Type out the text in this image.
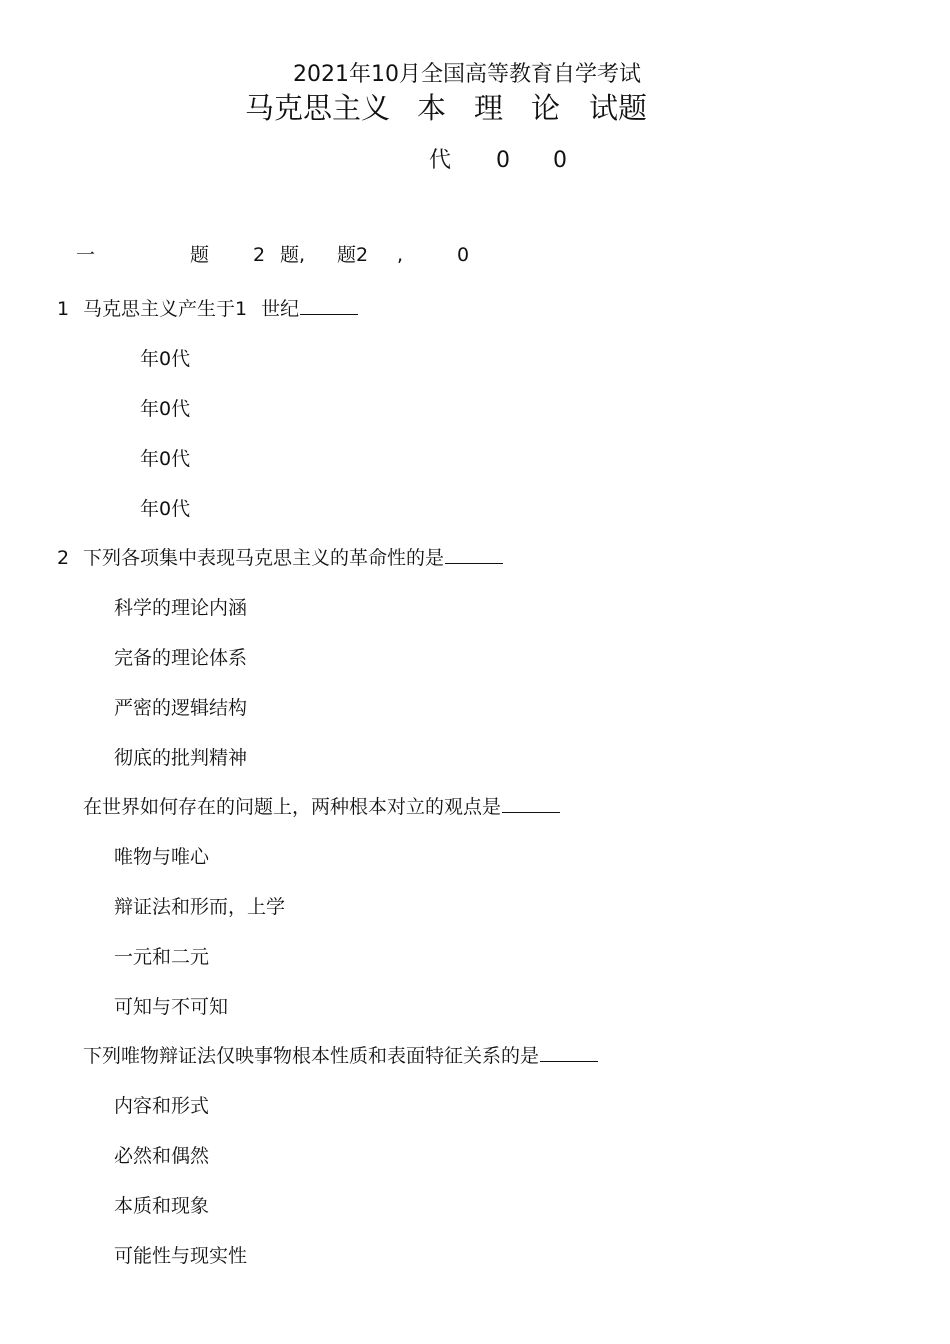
2021年10月全国高等教育自学考试
马克思主义 本 理 论 试题
代 0 0
一	题 2 题, 题2 ,	0
1 马克思主义产生于1 世纪
年0代
年0代
年0代
年0代
2 下列各项集中表现马克思主义的革命性的是
科学的理论内涵
完备的理论体系
严密的逻辑结构
彻底的批判精神
在世界如何存在的问题上，两种根本对立的观点是
唯物与唯心
辩证法和形而，上学
一元和二元
可知与不可知
下列唯物辩证法仅映事物根本性质和表面特征关系的是
内容和形式
必然和偶然
本质和现象
可能性与现实性
